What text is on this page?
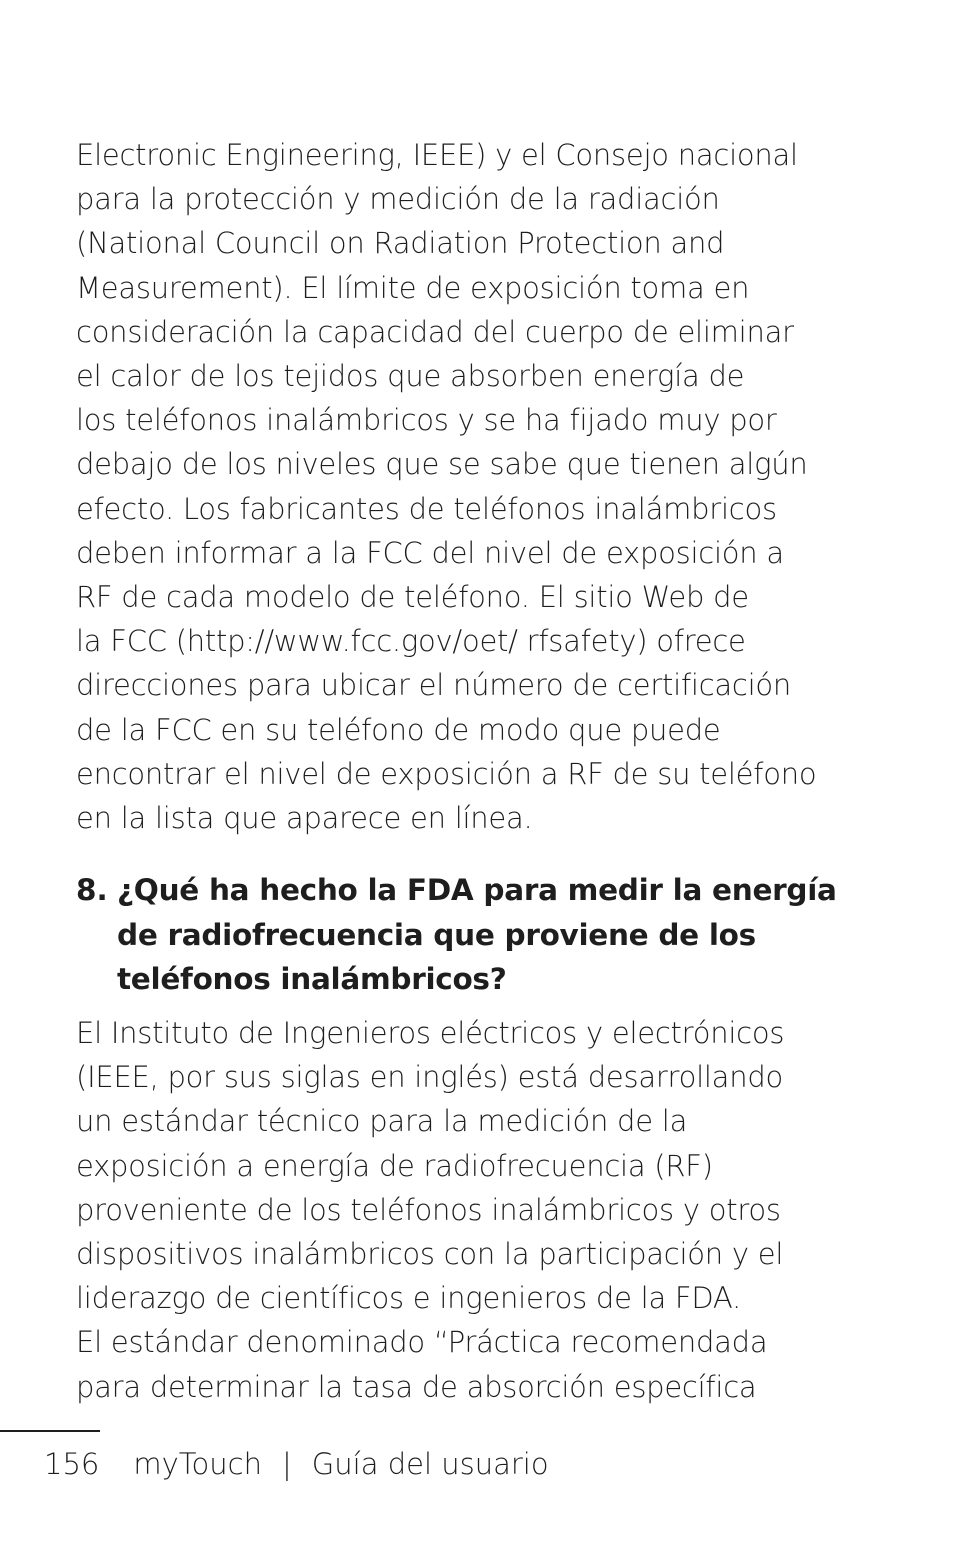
Electronic Engineering, IEEE) y el Consejo nacional
para la protección y medición de la radiación
(National Council on Radiation Protection and
Measurement). El límite de exposición toma en
consideración la capacidad del cuerpo de eliminar
el calor de los tejidos que absorben energía de
los teléfonos inalámbricos y se ha fijado muy por
debajo de los niveles que se sabe que tienen algún
efecto. Los fabricantes de teléfonos inalámbricos
deben informar a la FCC del nivel de exposición a
RF de cada modelo de teléfono. El sitio Web de
la FCC (http://www.fcc.gov/oet/ rfsafety) ofrece
direcciones para ubicar el número de certificación
de la FCC en su teléfono de modo que puede
encontrar el nivel de exposición a RF de su teléfono
en la lista que aparece en línea.
8. ¿Qué ha hecho la FDA para medir la energía
de radiofrecuencia que proviene de los
teléfonos inalámbricos?
El Instituto de Ingenieros eléctricos y electrónicos
(IEEE, por sus siglas en inglés) está desarrollando
un estándar técnico para la medición de la
exposición a energía de radiofrecuencia (RF)
proveniente de los teléfonos inalámbricos y otros
dispositivos inalámbricos con la participación y el
liderazgo de científicos e ingenieros de la FDA.
El estándar denominado “Práctica recomendada
para determinar la tasa de absorción específica
156 myTouch | Guía del usuario
